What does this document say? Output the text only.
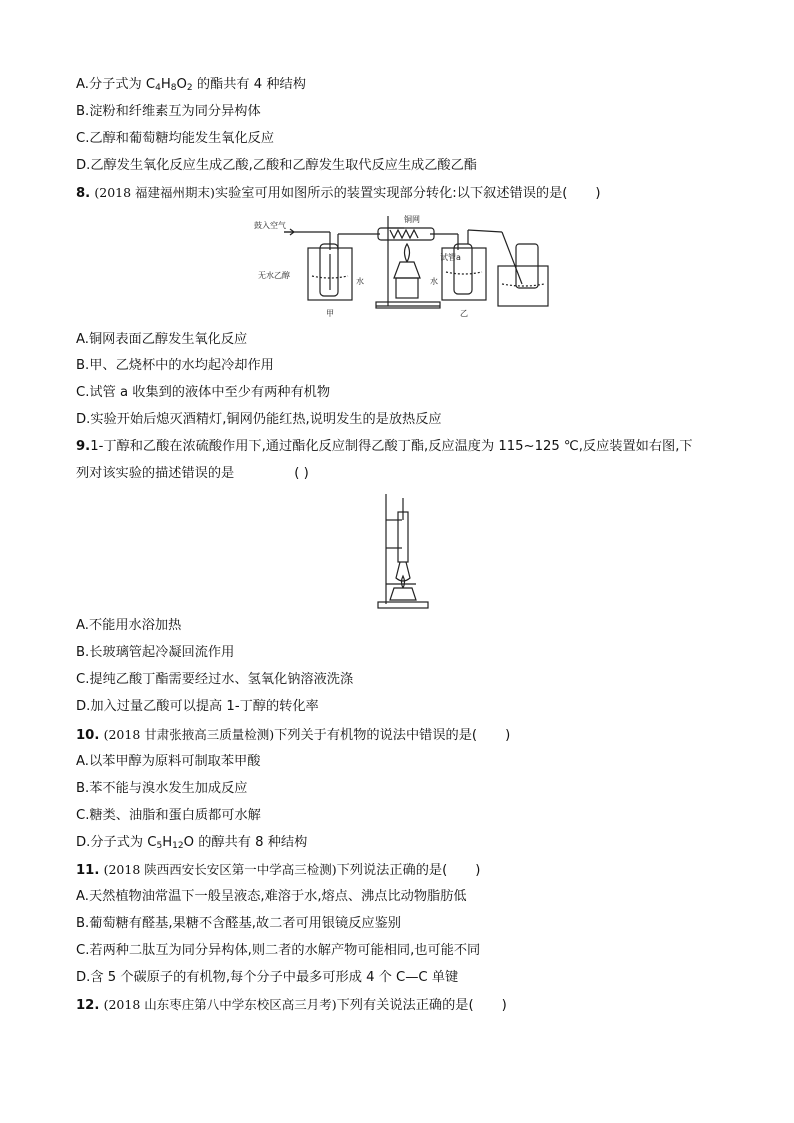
A.分子式为 $C_4H_8O_2$ 的酯共有 4 种结构
B.淀粉和纤维素互为同分异构体
C.乙醇和葡萄糖均能发生氧化反应
D.乙醇发生氧化反应生成乙酸,乙酸和乙醇发生取代反应生成乙酸乙酯
8. (2018 福建福州期末)实验室可用如图所示的装置实现部分转化:以下叙述错误的是( )
鼓入空气
铜网
试管a
无水乙醇
水	水
甲	乙
A.铜网表面乙醇发生氧化反应
B.甲、乙烧杯中的水均起冷却作用
C.试管 a 收集到的液体中至少有两种有机物
D.实验开始后熄灭酒精灯,铜网仍能红热,说明发生的是放热反应
9.1-丁醇和乙酸在浓硫酸作用下,通过酯化反应制得乙酸丁酯,反应温度为 115~125 ℃,反应装置如右图,下
列对该实验的描述错误的是	( )
A.不能用水浴加热
B.长玻璃管起冷凝回流作用
C.提纯乙酸丁酯需要经过水、氢氧化钠溶液洗涤
D.加入过量乙酸可以提高 1-丁醇的转化率
10. (2018 甘肃张掖高三质量检测)下列关于有机物的说法中错误的是( )
A.以苯甲醇为原料可制取苯甲酸
B.苯不能与溴水发生加成反应
C.糖类、油脂和蛋白质都可水解
D.分子式为 $C_5H_{12}O$ 的醇共有 8 种结构
11. (2018 陕西西安长安区第一中学高三检测)下列说法正确的是( )
A.天然植物油常温下一般呈液态,难溶于水,熔点、沸点比动物脂肪低
B.葡萄糖有醛基,果糖不含醛基,故二者可用银镜反应鉴别
C.若两种二肽互为同分异构体,则二者的水解产物可能相同,也可能不同
D.含 5 个碳原子的有机物,每个分子中最多可形成 4 个 C—C 单键
12. (2018 山东枣庄第八中学东校区高三月考)下列有关说法正确的是( )
